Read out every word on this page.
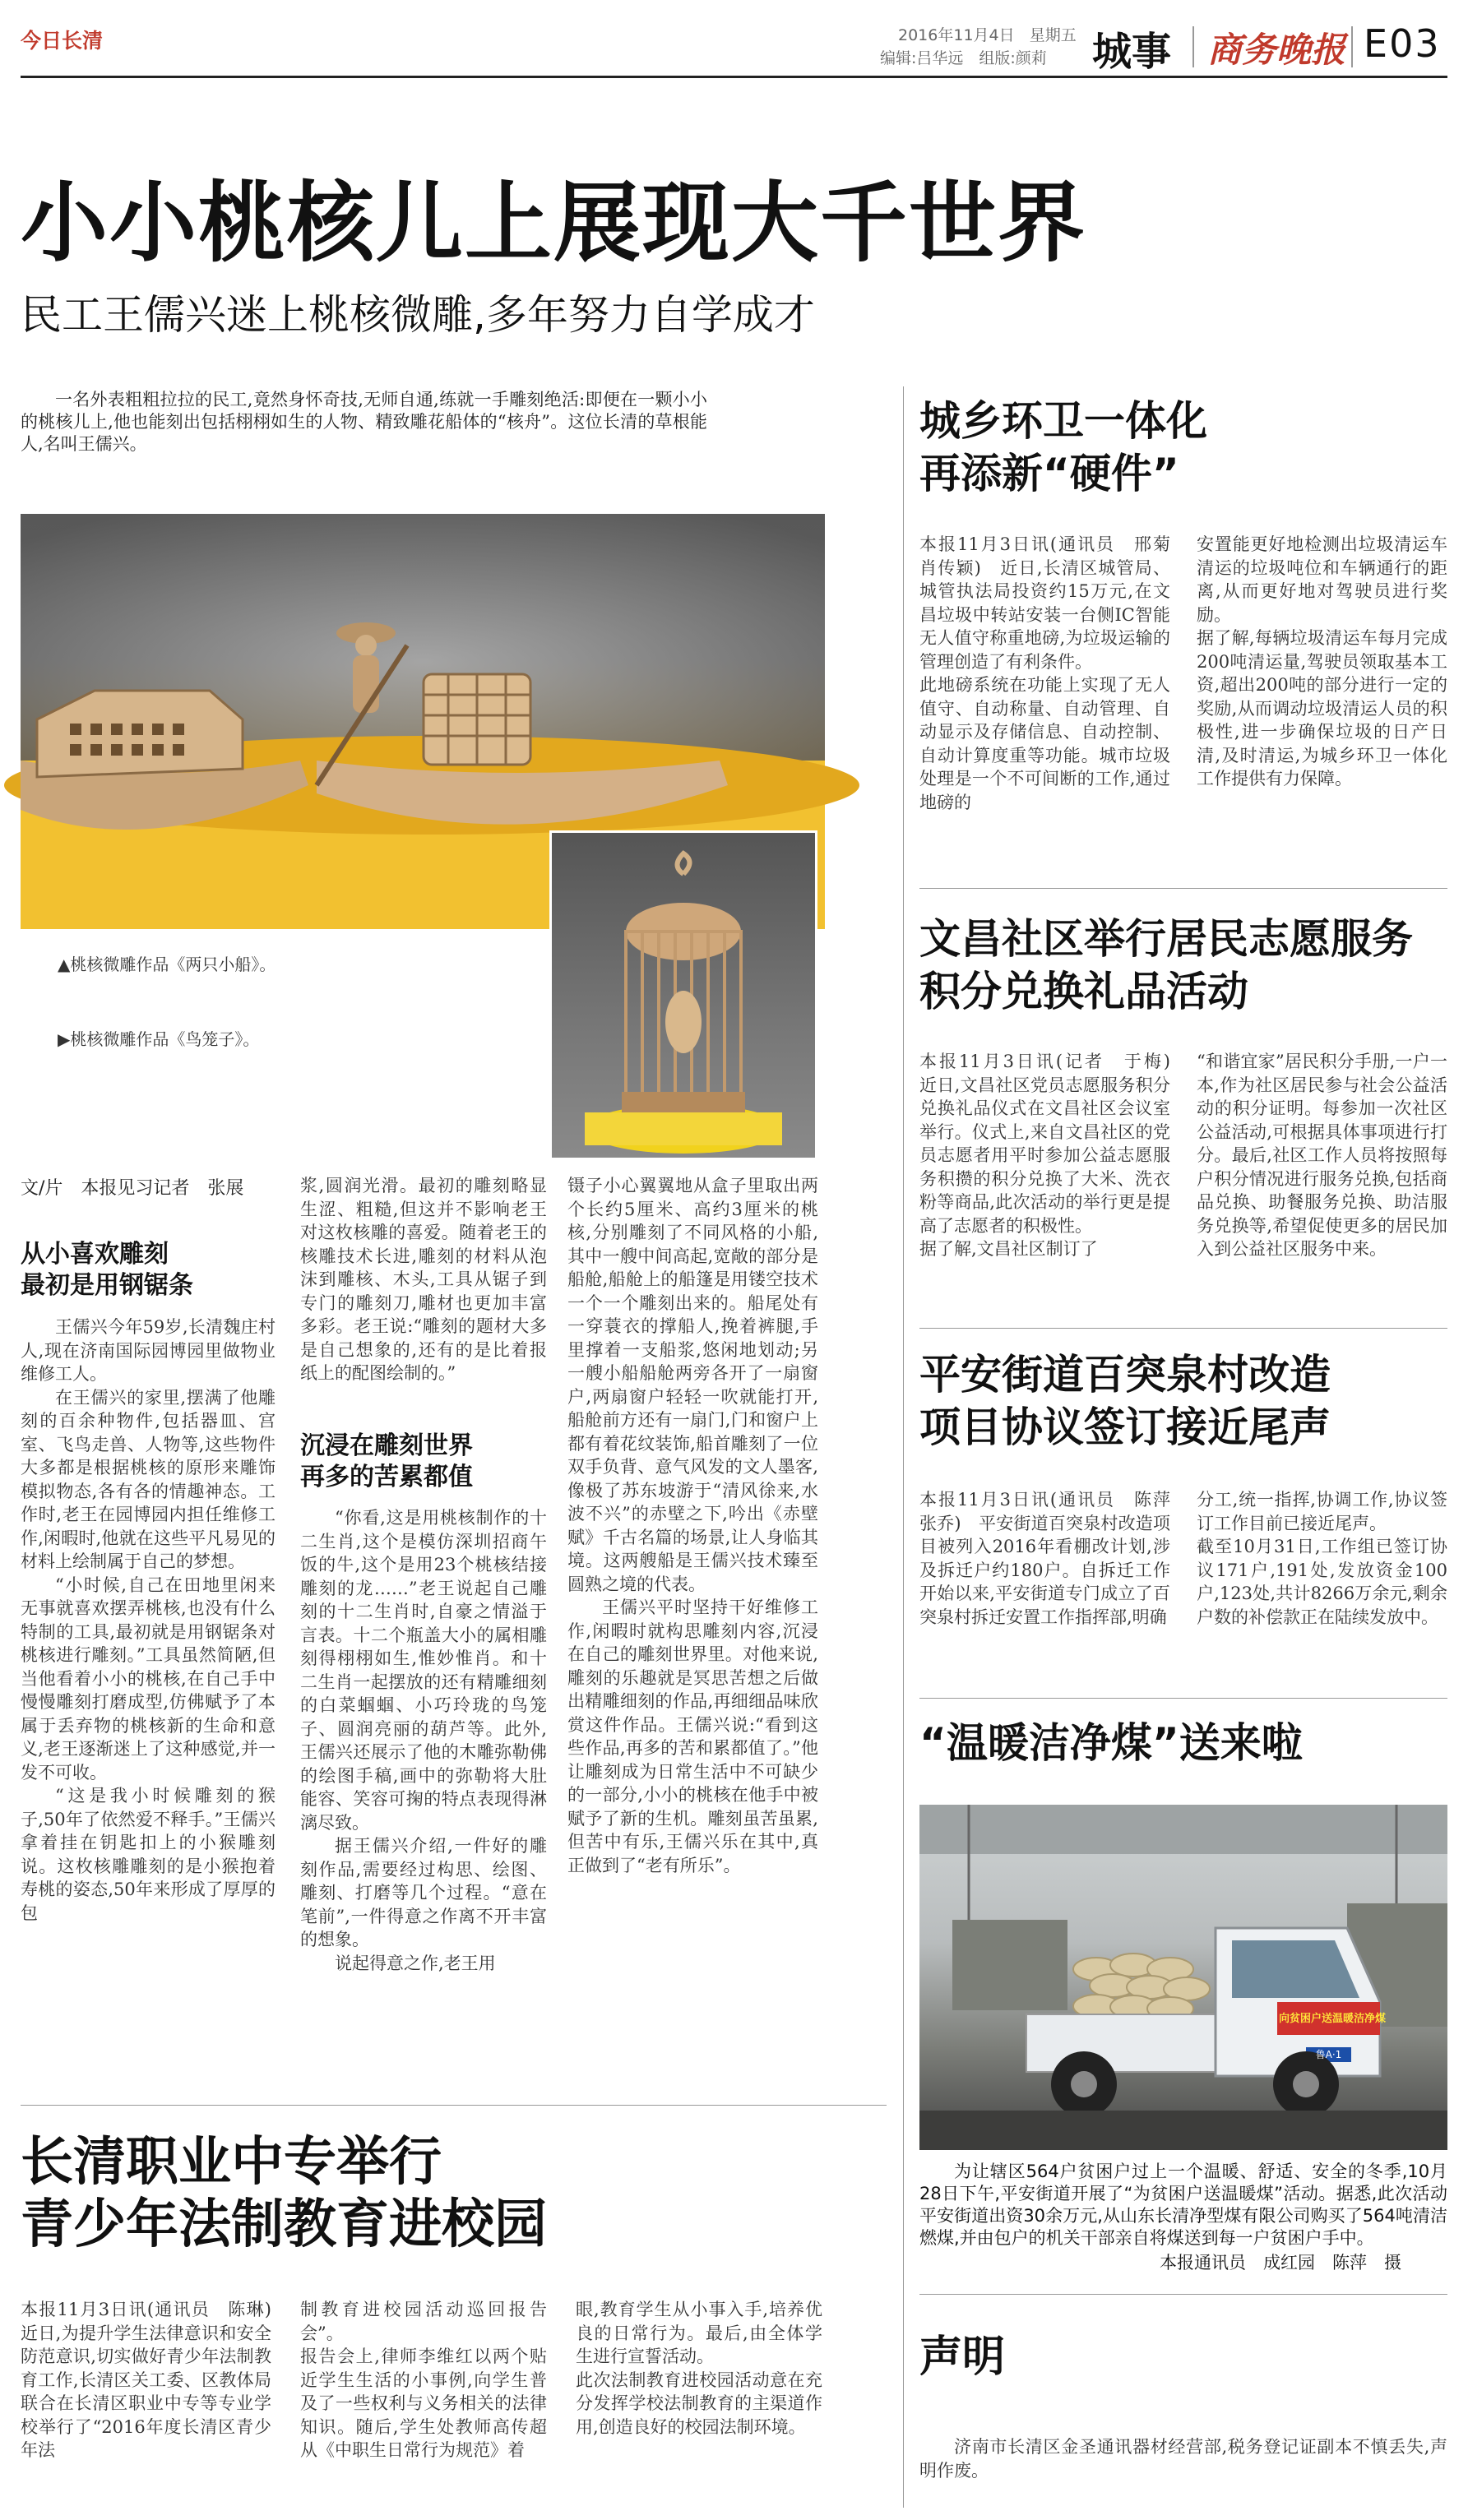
今日长清	2016年11月4日 星期五
编辑:吕华远　组版:颜莉 城事 商务晚报 E03
小小桃核儿上展现大千世界
民工王儒兴迷上桃核微雕,多年努力自学成才

一名外表粗粗拉拉的民工,竟然身怀奇技,无师自通,练就一手雕刻绝活:即便在一颗小小的桃核儿上,他也能刻出包括栩栩如生的人物、精致雕花船体的“核舟”。这位长清的草根能人,名叫王儒兴。

▲桃核微雕作品《两只小船》。
▶桃核微雕作品《鸟笼子》。
文/片　本报见习记者　张展
从小喜欢雕刻
最初是用钢锯条

王儒兴今年59岁,长清魏庄村人,现在济南国际园博园里做物业维修工人。

在王儒兴的家里,摆满了他雕刻的百余种物件,包括器皿、宫室、飞鸟走兽、人物等,这些物件大多都是根据桃核的原形来雕饰模拟物态,各有各的情趣神态。工作时,老王在园博园内担任维修工作,闲暇时,他就在这些平凡易见的材料上绘制属于自己的梦想。

“小时候,自己在田地里闲来无事就喜欢摆弄桃核,也没有什么特制的工具,最初就是用钢锯条对桃核进行雕刻。”工具虽然简陋,但当他看着小小的桃核,在自己手中慢慢雕刻打磨成型,仿佛赋予了本属于丢弃物的桃核新的生命和意义,老王逐渐迷上了这种感觉,并一发不可收。

“这是我小时候雕刻的猴子,50年了依然爱不释手。”王儒兴拿着挂在钥匙扣上的小猴雕刻说。这枚核雕雕刻的是小猴抱着寿桃的姿态,50年来形成了厚厚的包

浆,圆润光滑。最初的雕刻略显生涩、粗糙,但这并不影响老王对这枚核雕的喜爱。随着老王的核雕技术长进,雕刻的材料从泡沫到雕核、木头,工具从锯子到专门的雕刻刀,雕材也更加丰富多彩。老王说:“雕刻的题材大多是自己想象的,还有的是比着报纸上的配图绘制的。”

沉浸在雕刻世界
再多的苦累都值

“你看,这是用桃核制作的十二生肖,这个是模仿深圳招商午饭的牛,这个是用23个桃核结接雕刻的龙……”老王说起自己雕刻的十二生肖时,自豪之情溢于言表。十二个瓶盖大小的属相雕刻得栩栩如生,惟妙惟肖。和十二生肖一起摆放的还有精雕细刻的白菜蝈蝈、小巧玲珑的鸟笼子、圆润亮丽的葫芦等。此外,王儒兴还展示了他的木雕弥勒佛的绘图手稿,画中的弥勒将大肚能容、笑容可掬的特点表现得淋漓尽致。

据王儒兴介绍,一件好的雕刻作品,需要经过构思、绘图、雕刻、打磨等几个过程。“意在笔前”,一件得意之作离不开丰富的想象。

说起得意之作,老王用

镊子小心翼翼地从盒子里取出两个长约5厘米、高约3厘米的桃核,分别雕刻了不同风格的小船,其中一艘中间高起,宽敞的部分是船舱,船舱上的船篷是用镂空技术一个一个雕刻出来的。船尾处有一穿蓑衣的撑船人,挽着裤腿,手里撑着一支船浆,悠闲地划动;另一艘小船船舱两旁各开了一扇窗户,两扇窗户轻轻一吹就能打开,船舱前方还有一扇门,门和窗户上都有着花纹装饰,船首雕刻了一位双手负背、意气风发的文人墨客,像极了苏东坡游于“清风徐来,水波不兴”的赤壁之下,吟出《赤壁赋》千古名篇的场景,让人身临其境。这两艘船是王儒兴技术臻至圆熟之境的代表。

王儒兴平时坚持干好维修工作,闲暇时就构思雕刻内容,沉浸在自己的雕刻世界里。对他来说,雕刻的乐趣就是冥思苦想之后做出精雕细刻的作品,再细细品味欣赏这件作品。王儒兴说:“看到这些作品,再多的苦和累都值了。”他让雕刻成为日常生活中不可缺少的一部分,小小的桃核在他手中被赋予了新的生机。雕刻虽苦虽累,但苦中有乐,王儒兴乐在其中,真正做到了“老有所乐”。

城乡环卫一体化
再添新“硬件”
本报11月3日讯(通讯员　邢菊　肖传颖)　近日,长清区城管局、城管执法局投资约15万元,在文昌垃圾中转站安装一台侧IC智能无人值守称重地磅,为垃圾运输的管理创造了有利条件。
此地磅系统在功能上实现了无人值守、自动称量、自动管理、自动显示及存储信息、自动控制、自动计算度重等功能。城市垃圾处理是一个不可间断的工作,通过地磅的
安置能更好地检测出垃圾清运车清运的垃圾吨位和车辆通行的距离,从而更好地对驾驶员进行奖励。
据了解,每辆垃圾清运车每月完成200吨清运量,驾驶员领取基本工资,超出200吨的部分进行一定的奖励,从而调动垃圾清运人员的积极性,进一步确保垃圾的日产日清,及时清运,为城乡环卫一体化工作提供有力保障。
文昌社区举行居民志愿服务
积分兑换礼品活动
本报11月3日讯(记者　于梅)　近日,文昌社区党员志愿服务积分兑换礼品仪式在文昌社区会议室举行。仪式上,来自文昌社区的党员志愿者用平时参加公益志愿服务积攒的积分兑换了大米、洗衣粉等商品,此次活动的举行更是提高了志愿者的积极性。
据了解,文昌社区制订了
“和谐宜家”居民积分手册,一户一本,作为社区居民参与社会公益活动的积分证明。每参加一次社区公益活动,可根据具体事项进行打分。最后,社区工作人员将按照每户积分情况进行服务兑换,包括商品兑换、助餐服务兑换、助洁服务兑换等,希望促使更多的居民加入到公益社区服务中来。
平安街道百突泉村改造
项目协议签订接近尾声
本报11月3日讯(通讯员　陈萍　张乔)　平安街道百突泉村改造项目被列入2016年看棚改计划,涉及拆迁户约180户。自拆迁工作开始以来,平安街道专门成立了百突泉村拆迁安置工作指挥部,明确
分工,统一指挥,协调工作,协议签订工作目前已接近尾声。
截至10月31日,工作组已签订协议171户,191处,发放资金100户,123处,共计8266万余元,剩余户数的补偿款正在陆续发放中。
“温暖洁净煤”送来啦
向贫困户送温暖洁净煤
鲁A·1
为让辖区564户贫困户过上一个温暖、舒适、安全的冬季,10月28日下午,平安街道开展了“为贫困户送温暖煤”活动。据悉,此次活动平安街道出资30余万元,从山东长清净型煤有限公司购买了564吨清洁燃煤,并由包户的机关干部亲自将煤送到每一户贫困户手中。
本报通讯员　成红园　陈萍　摄
声明
济南市长清区金圣通讯器材经营部,税务登记证副本不慎丢失,声明作废。
长清职业中专举行
青少年法制教育进校园
本报11月3日讯(通讯员　陈琳)　近日,为提升学生法律意识和安全防范意识,切实做好青少年法制教育工作,长清区关工委、区教体局联合在长清区职业中专等专业学校举行了“2016年度长清区青少年法
制教育进校园活动巡回报告会”。
报告会上,律师李维红以两个贴近学生生活的小事例,向学生普及了一些权利与义务相关的法律知识。随后,学生处教师高传超从《中职生日常行为规范》着
眼,教育学生从小事入手,培养优良的日常行为。最后,由全体学生进行宣誓活动。
此次法制教育进校园活动意在充分发挥学校法制教育的主渠道作用,创造良好的校园法制环境。
